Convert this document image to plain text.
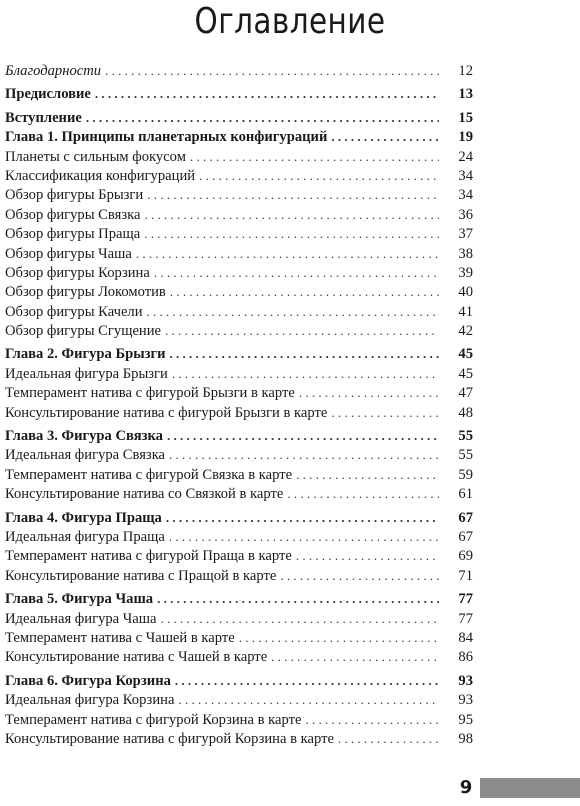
Оглавление
Благодарности . . .	12
Предисловие . . .	13
Вступление . . .	15
Глава 1. Принципы планетарных конфигураций . . .	19
Планеты с сильным фокусом . . .	24
Классификация конфигураций . . .	34
Обзор фигуры Брызги . . .	34
Обзор фигуры Связка . . .	36
Обзор фигуры Праща . . .	37
Обзор фигуры Чаша . . .	38
Обзор фигуры Корзина . . .	39
Обзор фигуры Локомотив . . .	40
Обзор фигуры Качели . . .	41
Обзор фигуры Сгущение . . .	42
Глава 2. Фигура Брызги . . .	45
Идеальная фигура Брызги . . .	45
Темперамент натива с фигурой Брызги в карте . . .	47
Консультирование натива с фигурой Брызги в карте . . .	48
Глава 3. Фигура Связка . . .	55
Идеальная фигура Связка . . .	55
Темперамент натива с фигурой Связка в карте . . .	59
Консультирование натива со Связкой в карте . . .	61
Глава 4. Фигура Праща . . .	67
Идеальная фигура Праща . . .	67
Темперамент натива с фигурой Праща в карте . . .	69
Консультирование натива с Пращой в карте . . .	71
Глава 5. Фигура Чаша . . .	77
Идеальная фигура Чаша . . .	77
Темперамент натива с Чашей в карте . . .	84
Консультирование натива с Чашей в карте . . .	86
Глава 6. Фигура Корзина . . .	93
Идеальная фигура Корзина . . .	93
Темперамент натива с фигурой Корзина в карте . . .	95
Консультирование натива с фигурой Корзина в карте . . .	98
9
